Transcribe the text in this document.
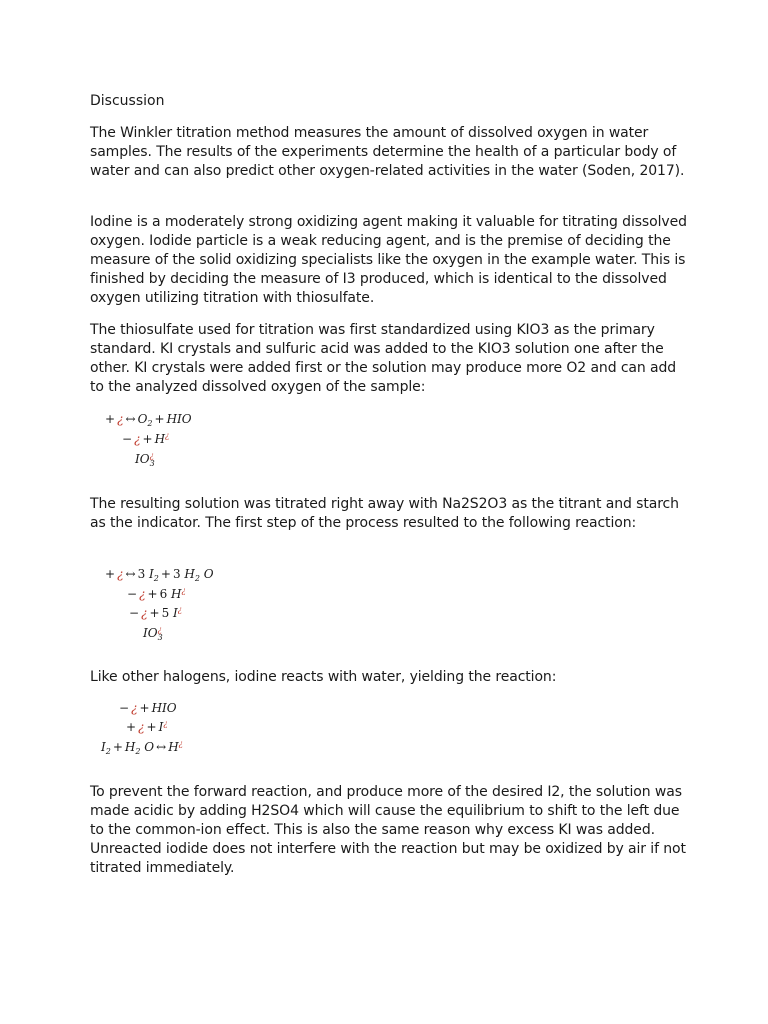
Discussion

The Winkler titration method measures the amount of dissolved oxygen in water samples. The results of the experiments determine the health of a particular body of water and can also predict other oxygen-related activities in the water (Soden, 2017).

Iodine is a moderately strong oxidizing agent making it valuable for titrating dissolved oxygen. Iodide particle is a weak reducing agent, and is the premise of deciding the measure of the solid oxidizing specialists like the oxygen in the example water. This is finished by deciding the measure of I3 produced, which is identical to the dissolved oxygen utilizing titration with thiosulfate.

The thiosulfate used for titration was first standardized using KIO3 as the primary standard. KI crystals and sulfuric acid was added to the KIO3 solution one after the other. KI crystals were added first or the solution may produce more O2 and can add to the analyzed dissolved oxygen of the sample:

+ ¿ ↔ $O_2$ + HIO
− ¿ + H¿
$IO_3^¿$

The resulting solution was titrated right away with Na2S2O3 as the titrant and starch as the indicator. The first step of the process resulted to the following reaction:

+ ¿ ↔ 3 $I_2 + 3$ $H_2$ O
− ¿ + 6 H¿
− ¿ + 5 I¿
$IO_3^¿$

Like other halogens, iodine reacts with water, yielding the reaction:

− ¿ + HIO
+ ¿ + I¿
$I_2 + H_2$ O ↔ H¿

To prevent the forward reaction, and produce more of the desired I2, the solution was made acidic by adding H2SO4 which will cause the equilibrium to shift to the left due to the common-ion effect. This is also the same reason why excess KI was added. Unreacted iodide does not interfere with the reaction but may be oxidized by air if not titrated immediately.
